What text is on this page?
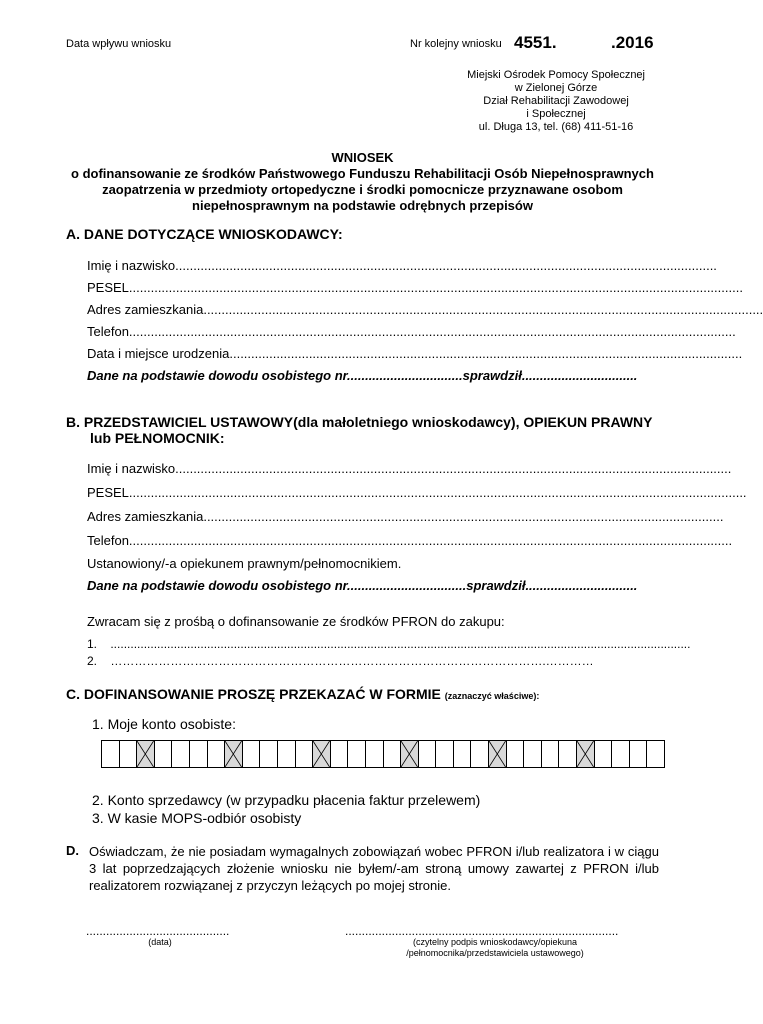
Data wpływu wniosku	Nr kolejny wniosku 4551.	.2016
Miejski Ośrodek Pomocy Społecznej
w Zielonej Górze
Dział Rehabilitacji Zawodowej
i Społecznej
ul. Długa 13, tel. (68) 411-51-16
WNIOSEK
o dofinansowanie ze środków Państwowego Funduszu Rehabilitacji Osób Niepełnosprawnych
zaopatrzenia w przedmioty ortopedyczne i środki pomocnicze przyznawane osobom
niepełnosprawnym na podstawie odrębnych przepisów
A. DANE DOTYCZĄCE WNIOSKODAWCY:
Imię i nazwisko......................................................................................................................................................
PESEL..........................................................................................................................................................................
Adres zamieszkania...........................................................................................................................................................
Telefon........................................................................................................................................................................
Data i miejsce urodzenia..............................................................................................................................................
Dane na podstawie dowodu osobistego nr................................sprawdził................................
B. PRZEDSTAWICIEL USTAWOWY(dla małoletniego wnioskodawcy), OPIEKUN PRAWNY
lub PEŁNOMOCNIK:
Imię i nazwisko..........................................................................................................................................................
PESEL...........................................................................................................................................................................
Adres zamieszkania................................................................................................................................................
Telefon.......................................................................................................................................................................
Ustanowiony/-a opiekunem prawnym/pełnomocnikiem.
Dane na podstawie dowodu osobistego nr.................................sprawdził...............................
Zwracam się z prośbą o dofinansowanie ze środków PFRON do zakupu:
1.    ..............................................................................................................................................................................
2.    ……………………………………………………………………………………………….…………
C. DOFINANSOWANIE PROSZĘ PRZEKAZAĆ W FORMIE (zaznaczyć właściwe):
1. Moje konto osobiste:
2. Konto sprzedawcy (w przypadku płacenia faktur przelewem)
3. W kasie MOPS-odbiór osobisty
D. Oświadczam, że nie posiadam wymagalnych zobowiązań wobec PFRON i/lub realizatora i w ciągu 3 lat poprzedzających złożenie wniosku nie byłem/-am stroną umowy zawartej z PFRON i/lub realizatorem rozwiązanej z przyczyn leżących po mojej stronie.
...........................................
(data)
..................................................................................
(czytelny podpis wnioskodawcy/opiekuna
/pełnomocnika/przedstawiciela ustawowego)
